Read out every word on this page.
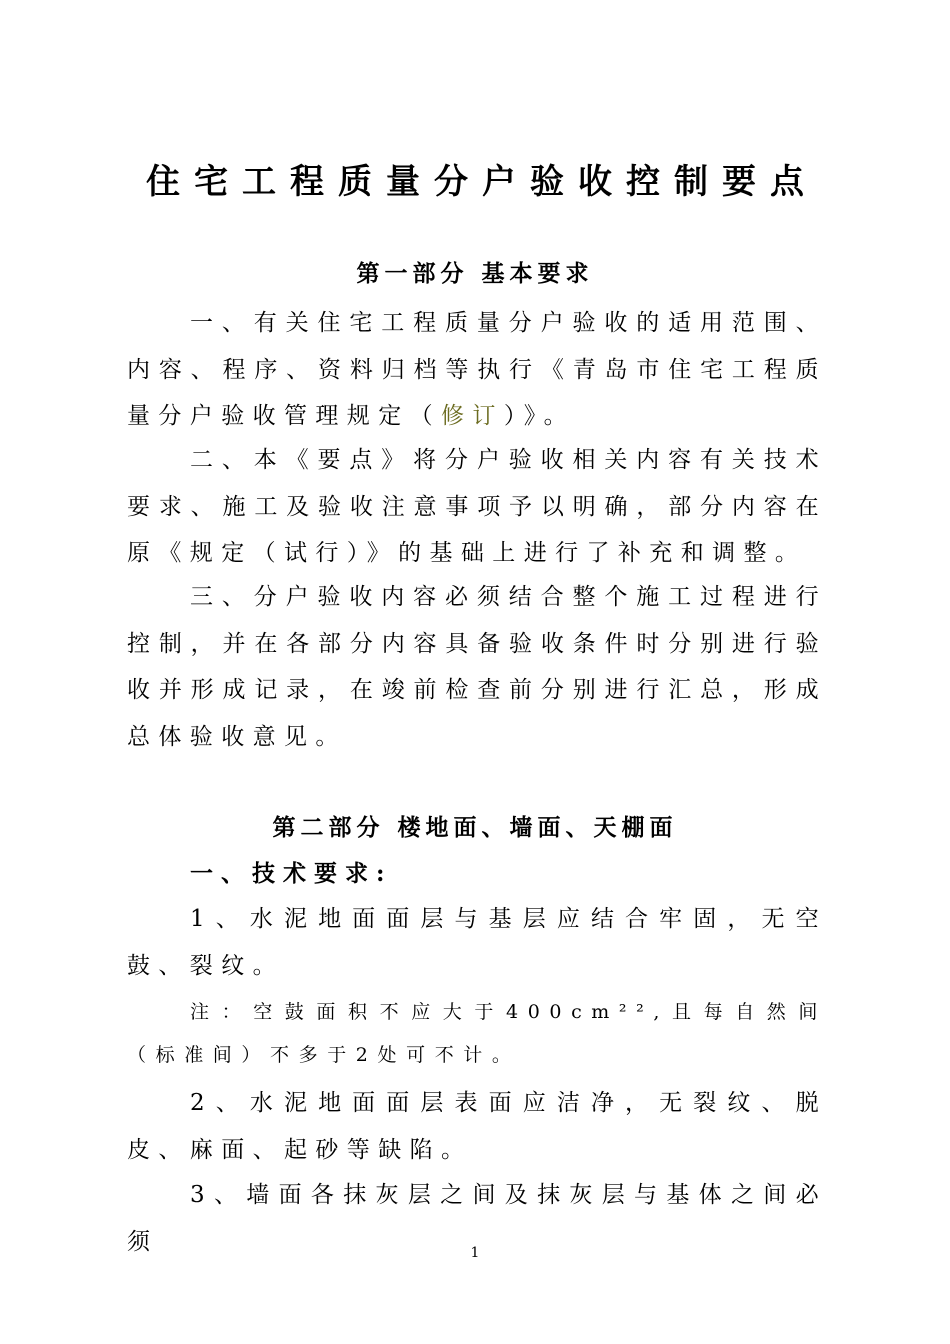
住宅工程质量分户验收控制要点
第一部分 基本要求

一、有关住宅工程质量分户验收的适用范围、内容、程序、资料归档等执行《青岛市住宅工程质量分户验收管理规定（修订）》。

二、本《要点》将分户验收相关内容有关技术要求、施工及验收注意事项予以明确，部分内容在原《规定（试行）》的基础上进行了补充和调整。

三、分户验收内容必须结合整个施工过程进行控制，并在各部分内容具备验收条件时分别进行验收并形成记录，在竣前检查前分别进行汇总，形成总体验收意见。

第二部分 楼地面、墙面、天棚面
一、技术要求:

1、水泥地面面层与基层应结合牢固，无空鼓、裂纹。

注：空鼓面积不应大于400cm²²,且每自然间（标准间）不多于2处可不计。

2、水泥地面面层表面应洁净，无裂纹、脱皮、麻面、起砂等缺陷。

3、墙面各抹灰层之间及抹灰层与基体之间必须	1
